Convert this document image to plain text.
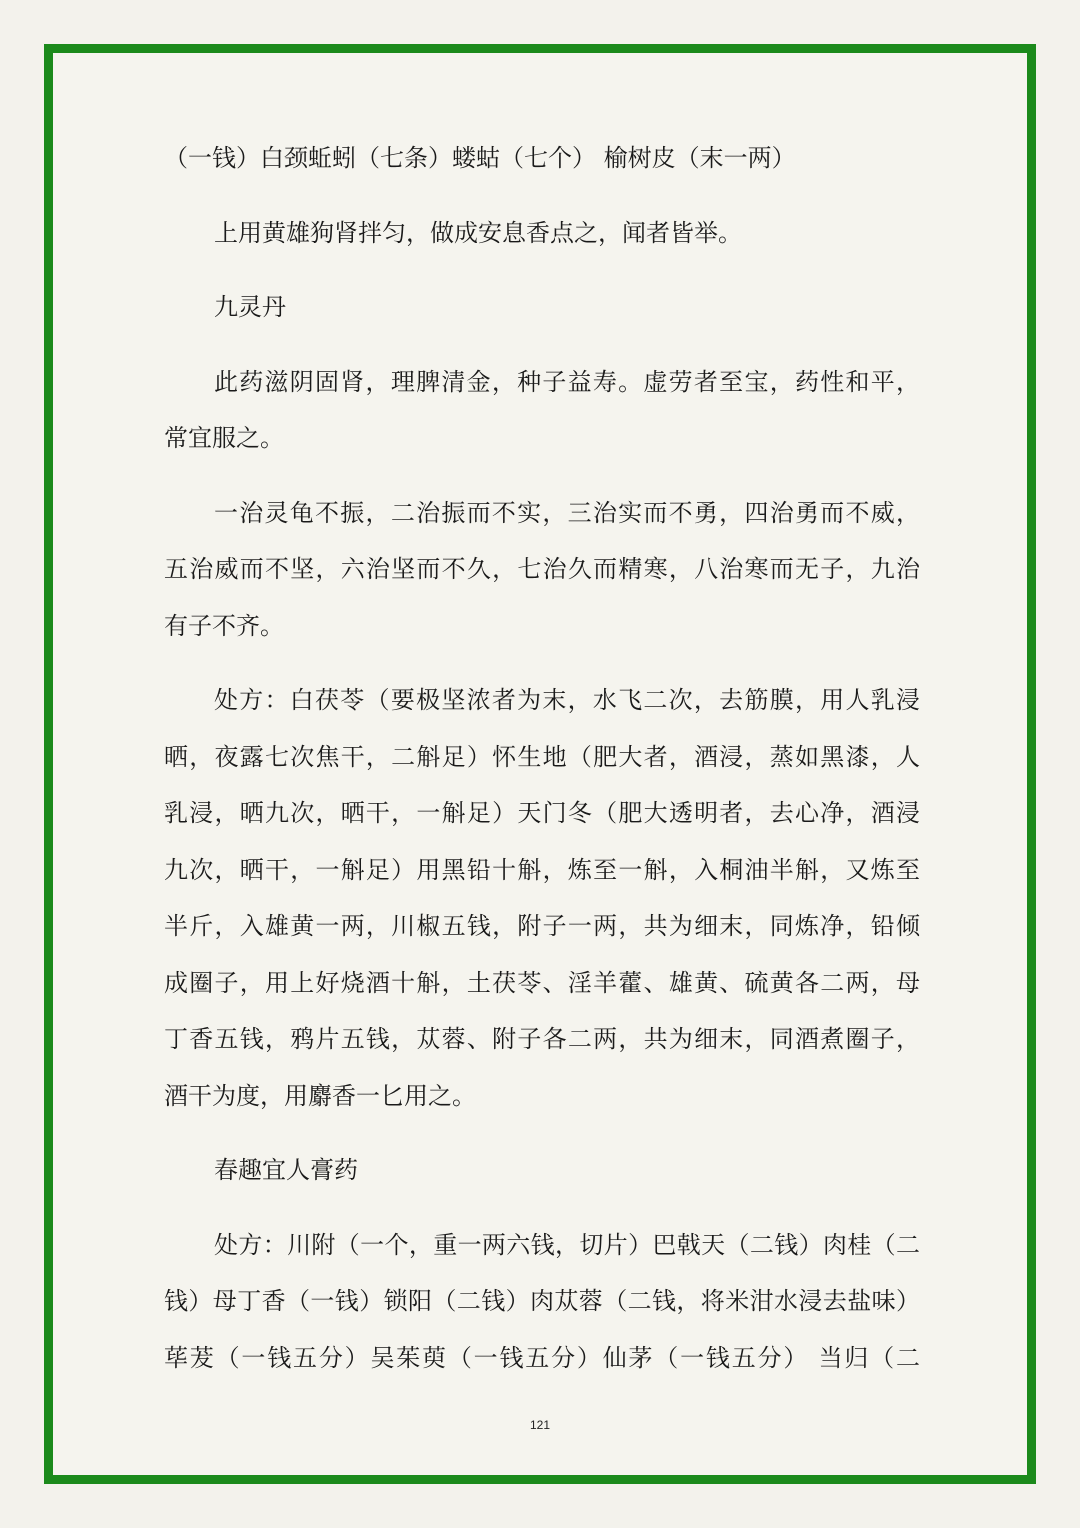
（一钱）白颈蚯蚓（七条）蝼蛄（七个） 榆树皮（末一两）
上用黄雄狗肾拌匀，做成安息香点之，闻者皆举。
九灵丹
此药滋阴固肾，理脾清金，种子益寿。虚劳者至宝，药性和平，
常宜服之。
一治灵龟不振，二治振而不实，三治实而不勇，四治勇而不威，
五治威而不坚，六治坚而不久，七治久而精寒，八治寒而无子，九治
有子不齐。
处方：白茯苓（要极坚浓者为末，水飞二次，去筋膜，用人乳浸
晒，夜露七次焦干，二斛足）怀生地（肥大者，酒浸，蒸如黑漆，人
乳浸，晒九次，晒干，一斛足）天门冬（肥大透明者，去心净，酒浸
九次，晒干，一斛足）用黑铅十斛，炼至一斛，入桐油半斛，又炼至
半斤，入雄黄一两，川椒五钱，附子一两，共为细末，同炼净，铅倾
成圈子，用上好烧酒十斛，土茯苓、淫羊藿、雄黄、硫黄各二两，母
丁香五钱，鸦片五钱，苁蓉、附子各二两，共为细末，同酒煮圈子，
酒干为度，用麝香一匕用之。
春趣宜人膏药
处方：川附（一个，重一两六钱，切片）巴戟天（二钱）肉桂（二
钱）母丁香（一钱）锁阳（二钱）肉苁蓉（二钱，将米泔水浸去盐味）
荜茇（一钱五分）吴茱萸（一钱五分）仙茅（一钱五分） 当归（二
121
